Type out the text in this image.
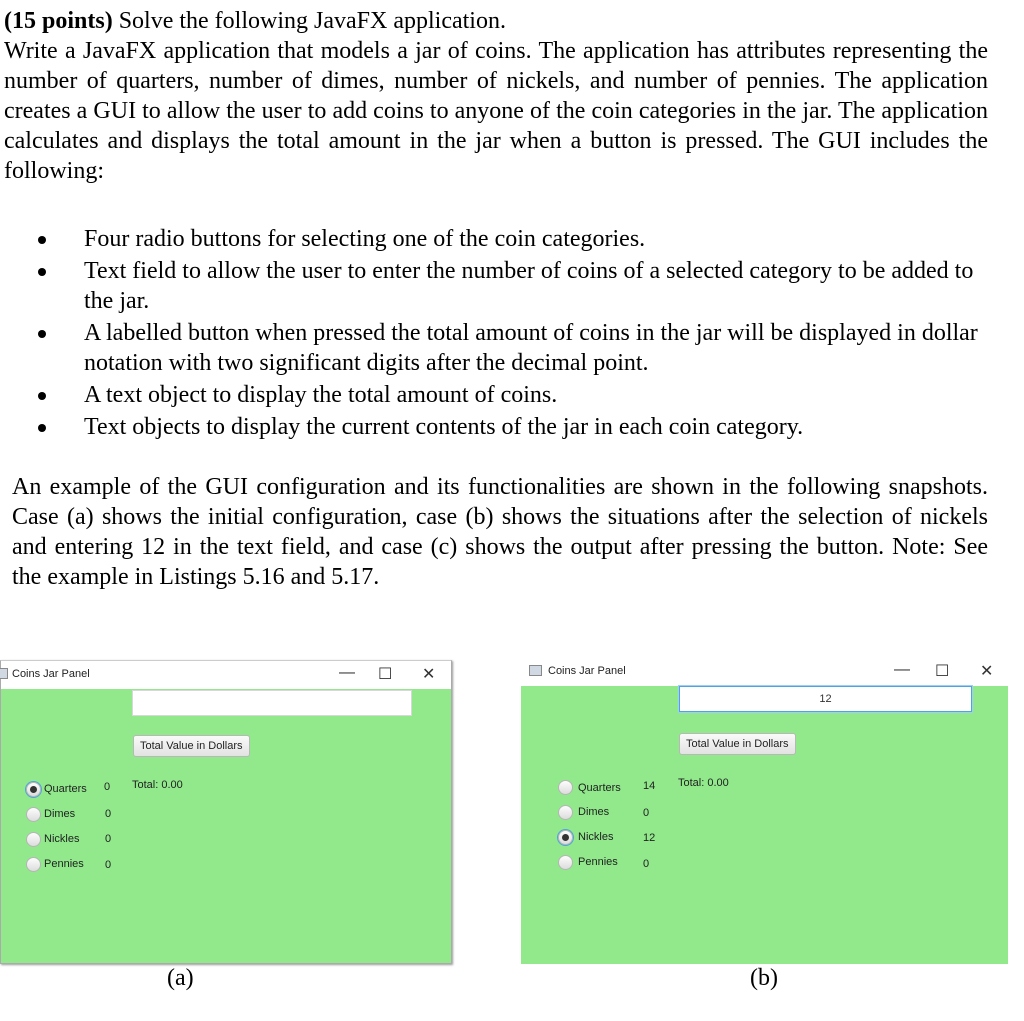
(15 points) Solve the following JavaFX application.
Write a JavaFX application that models a jar of coins. The application has attributes representing the number of quarters, number of dimes, number of nickels, and number of pennies. The application creates a GUI to allow the user to add coins to anyone of the coin categories in the jar. The application calculates and displays the total amount in the jar when a button is pressed. The GUI includes the following:
Four radio buttons for selecting one of the coin categories.
Text field to allow the user to enter the number of coins of a selected category to be added to the jar.
A labelled button when pressed the total amount of coins in the jar will be displayed in dollar notation with two significant digits after the decimal point.
A text object to display the total amount of coins.
Text objects to display the current contents of the jar in each coin category.
An example of the GUI configuration and its functionalities are shown in the following snapshots. Case (a) shows the initial configuration, case (b) shows the situations after the selection of nickels and entering 12 in the text field, and case (c) shows the output after pressing the button. Note: See the example in Listings 5.16 and 5.17.
Coins Jar Panel	— ☐ ✕
Total Value in Dollars
Total: 0.00
Quarters 0
Dimes	0
Nickles 0
Pennies 0
(a)
Coins Jar Panel	— ☐ ✕
12
Total Value in Dollars
Total: 0.00
Quarters 14
Dimes	0
Nickles	12
Pennies 0
(b)
